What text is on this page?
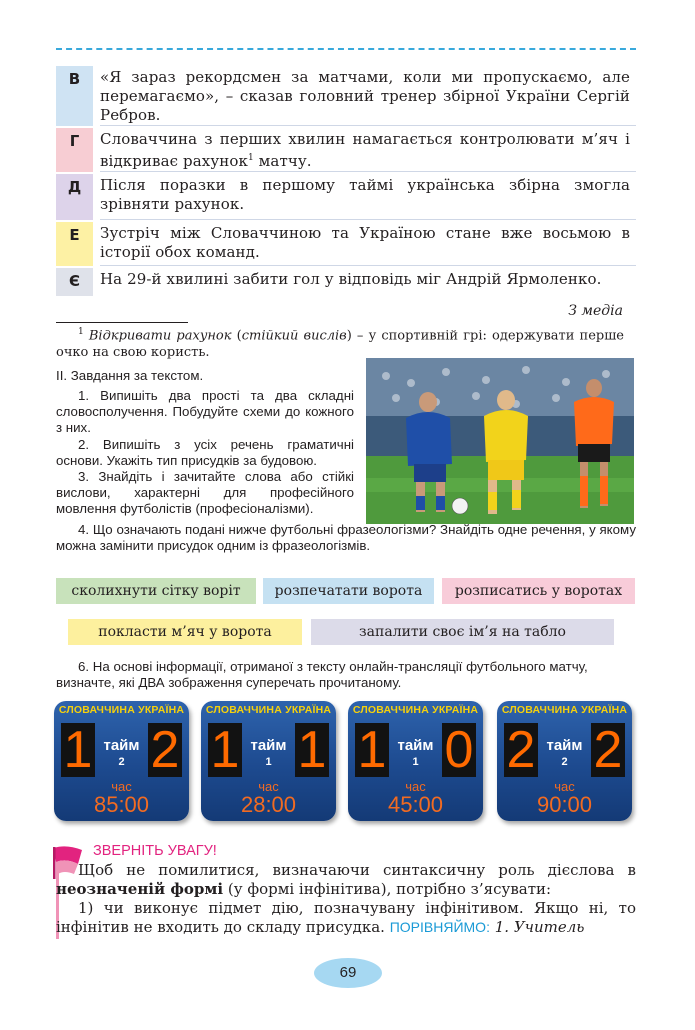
В	«Я зараз рекордсмен за матчами, коли ми пропускаємо, але перемагаємо», – сказав головний тренер збірної України Сергій Ребров.
Г	Словаччина з перших хвилин намагається контролювати м’яч і відкриває рахунок$^1$ матчу.
Д	Після поразки в першому таймі українська збірна змогла зрівняти рахунок.
Е	Зустріч між Словаччиною та Україною стане вже восьмою в історії обох команд.
Є	На 29-й хвилині забити гол у відповідь міг Андрій Ярмоленко.
З медіа
$^1$ Відкривати рахунок (стійкий вислів) – у спортивній грі: одержувати перше очко на свою користь.
ІІ. Завдання за текстом.

1. Випишіть два прості та два складні словосполучення. Побудуйте схеми до кожного з них.

2. Випишіть з усіх речень граматичні основи. Укажіть тип присудків за будовою.

3. Знайдіть і зачитайте слова або стійкі вислови, характерні для професійного мовлення футболістів (професіоналізми).

4. Що означають подані нижче футбольні фразеологізми? Знайдіть одне речення, у якому можна замінити присудок одним із фразеологізмів.
сколихнути сітку воріт	розпечатати ворота	розписатись у воротах
покласти м’яч у ворота	запалити своє ім’я на табло
6. На основі інформації, отриманої з тексту онлайн-трансляції футбольного матчу, визначте, які ДВА зображення суперечать прочитаному.
СЛОВАЧЧИНА УКРАЇНА
1 2
тайм
2
час
85:00
СЛОВАЧЧИНА УКРАЇНА
1 1
тайм
1
час
28:00
СЛОВАЧЧИНА УКРАЇНА
1 0
тайм
1
час
45:00
СЛОВАЧЧИНА УКРАЇНА
2 2
тайм
2
час
90:00
ЗВЕРНІТЬ УВАГУ!

Щоб не помилитися, визначаючи синтаксичну роль дієслова в неозначеній формі (у формі інфінітива), потрібно з’ясувати:

1) чи виконує підмет дію, позначувану інфінітивом. Якщо ні, то інфінітив не входить до складу присудка. ПОРІВНЯЙМО: 1. Учитель

69
